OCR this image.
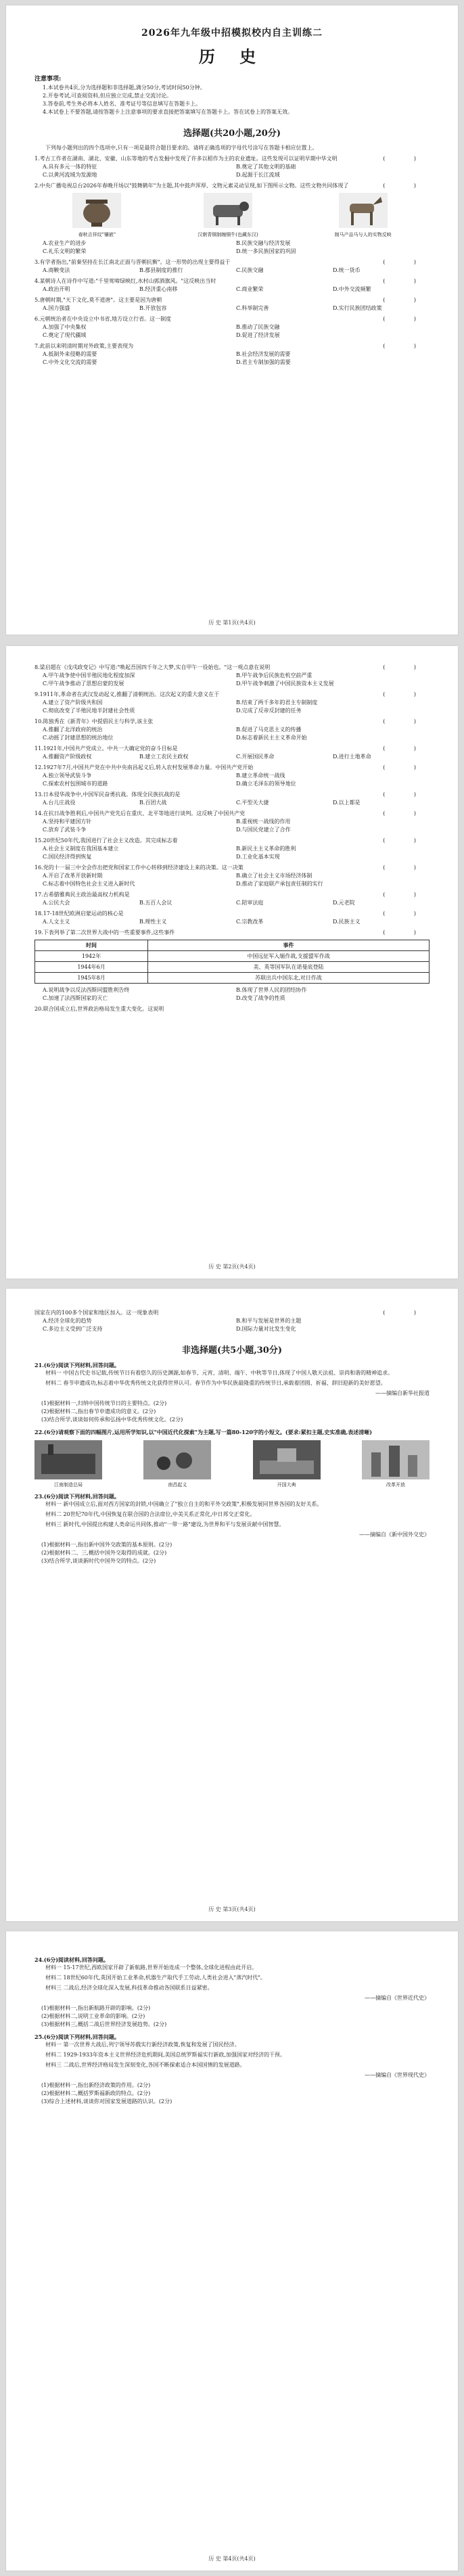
2026年九年级中招模拟校内自主训练二
历 史
注意事项:
1.本试卷共4页,分为选择题和非选择题,满分50分,考试时间50分钟。
2.开卷考试,可查阅资料,但应独立完成,禁止交流讨论。
3.答卷前,考生务必将本人姓名、准考证号等信息填写在答题卡上。
4.本试卷上不要答题,请按答题卡上注意事项的要求直接把答案填写在答题卡上。答在试卷上的答案无效。
选择题(共20小题,20分)
下列每小题列出的四个选项中,只有一项是最符合题目要求的。请将正确选项的字母代号涂写在答题卡相应位置上。
1.考古工作者在湖南、湖北、安徽、山东等地的考古发掘中发现了许多以稻作为主的农业遗址。这些发现可以证明早期中华文明	( )
A.具有多元一体的特征	B.奠定了其他文明的基础
C.以黄河流域为发源地	D.起源于长江流域
2.中央广播电视总台2026年春晚开场以"鼓舞鹤年"为主题,其中鼓声浑厚、文物元素灵动呈现,如下图所示文物。这些文物共同体现了	( )
春秋吉祥纹"镶嵌"	汉朝青铜制缠铜牛(也藏东汉)	制马产品马与人的实物反映
A.农业生产的进步	B.民族交融与经济发展
C.礼乐文明的繁荣	D.统一多民族国家的巩固
3.有学者指出,"前秦坚持在长江南北正面与晋朝抗衡"。这一形势的出现主要得益于	( )
A.商鞅变法	B.郡县制度的推行	C.民族交融	D.统一货币
4.某朝诗人在诗作中写道:"千里莺啼绿映红,水村山郭酒旗风。"这反映出当时	( )
A.政治开明	B.经济重心南移	C.商业繁荣	D.中外交流频繁
5.唐朝时期,"天下文化,莫不道唐"。这主要是因为唐朝	( )
A.国力强盛	B.开放包容	C.科举制完善	D.实行民族团结政策
6.元朝统治者在中央设立中书省,地方设立行省。这一制度	( )
A.加强了中央集权	B.推动了民族交融
C.奠定了现代疆域	D.促进了经济发展
7.此前以来明清时期对外政策,主要表现为	( )
A.抵制外来侵略的需要	B.社会经济发展的需要
C.中外文化交流的需要	D.君主专制加强的需要
历 史 第1页(共4页)
8.梁启超在《戊戌政变记》中写道:"唤起吾国四千年之大梦,实自甲午一役始也。"这一观点意在说明	( )
A.甲午战争使中国半殖民地化程度加深	B.甲午战争后民族危机空前严重
C.甲午战争推动了思想启蒙的发展	D.甲午战争刺激了中国民族资本主义发展
9.1911年,革命者在武汉发动起义,推翻了清朝统治。这次起义的重大意义在于	( )
A.建立了资产阶级共和国	B.结束了两千多年的君主专制制度
C.彻底改变了半殖民地半封建社会性质	D.完成了反帝反封建的任务
10.陈独秀在《新青年》中提倡民主与科学,该主张	( )
A.推翻了北洋政府的统治	B.促进了马克思主义的传播
C.动摇了封建思想的统治地位	D.标志着新民主主义革命开始
11.1921年,中国共产党成立。中共一大确定党的奋斗目标是	( )
A.推翻资产阶级政权	B.建立工农民主政权	C.开展国民革命	D.进行土地革命
12.1927年7月,中国共产党在中共中央南昌起义后,转入农村发展革命力量。中国共产党开始	( )
A.独立领导武装斗争	B.建立革命统一战线
C.探索农村包围城市的道路	D.确立毛泽东的领导地位
13.日本侵华战争中,中国军民奋勇抗战。体现全民族抗战的是	( )
A.台儿庄战役	B.百团大战	C.平型关大捷	D.以上都是
14.在抗日战争胜利后,中国共产党先后在重庆、北平等地进行谈判。这反映了中国共产党	( )
A.坚持和平建国方针	B.重视统一战线的作用
C.放弃了武装斗争	D.与国民党建立了合作
15.20世纪50年代,我国进行了社会主义改造。其完成标志着	( )
A.社会主义制度在我国基本建立	B.新民主主义革命的胜利
C.国民经济得到恢复	D.工业化基本实现
16.党的十一届三中全会作出把党和国家工作中心转移到经济建设上来的决策。这一决策	( )
A.开启了改革开放新时期	B.确立了社会主义市场经济体制
C.标志着中国特色社会主义进入新时代	D.推动了家庭联产承包责任制的实行
17.古希腊雅典民主政治最高权力机构是	( )
A.公民大会	B.五百人会议	C.陪审法庭	D.元老院
18.17-18世纪欧洲启蒙运动的核心是	( )
A.人文主义	B.理性主义	C.宗教改革	D.民族主义
19.下表列举了第二次世界大战中的一些重要事件,这些事件	( )
时间	事件
1942年	中国远征军入缅作战,支援盟军作战
1944年6月	美、英等国军队在诺曼底登陆
1945年8月	苏联出兵中国东北,对日作战
A.说明战争以反法西斯同盟胜利告终	B.体现了世界人民的团结协作
C.加速了法西斯国家的灭亡	D.改变了战争的性质
20.联合国成立后,世界政治格局发生重大变化。这说明
历 史 第2页(共4页)
国家在内的100多个国家和地区加入。这一现象表明	( )
A.经济全球化的趋势	B.和平与发展是世界的主题
C.多边主义受到广泛支持	D.国际力量对比发生变化
非选择题(共5小题,30分)
21.(6分)阅读下列材料,回答问题。
材料一 中国古代史书记载,传统节日有着悠久的历史渊源,如春节、元宵、清明、端午、中秋等节日,体现了中国人敬天法祖、崇尚和谐的精神追求。
材料二 春节申遗成功,标志着中华优秀传统文化获得世界认可。春节作为中华民族最隆重的传统节日,承载着团圆、祈福、辞旧迎新的美好愿望。
——摘编自新华社报道
(1)根据材料一,归纳中国传统节日的主要特点。(2分)
(2)根据材料二,指出春节申遗成功的意义。(2分)
(3)结合所学,谈谈如何传承和弘扬中华优秀传统文化。(2分)
22.(6分)请观察下面的四幅图片,运用所学知识,以"中国近代化探索"为主题,写一篇80-120字的小短文。(要求:紧扣主题,史实准确,表述清晰)
江南制造总局	南昌起义	开国大典	改革开放
23.(6分)阅读下列材料,回答问题。
材料一 新中国成立后,面对西方国家的封锁,中国确立了"独立自主的和平外交政策",积极发展同世界各国的友好关系。
材料二 20世纪70年代,中国恢复在联合国的合法席位,中美关系正常化,中日邦交正常化。
材料三 新时代,中国提出构建人类命运共同体,推动"一带一路"建设,为世界和平与发展贡献中国智慧。
——摘编自《新中国外交史》
(1)根据材料一,指出新中国外交政策的基本原则。(2分)
(2)根据材料二、三,概括中国外交取得的成就。(2分)
(3)结合所学,谈谈新时代中国外交的特点。(2分)
历 史 第3页(共4页)
24.(6分)阅读材料,回答问题。
材料一 15-17世纪,西欧国家开辟了新航路,世界开始连成一个整体,全球化进程由此开启。
材料二 18世纪60年代,英国开始工业革命,机器生产取代手工劳动,人类社会进入"蒸汽时代"。
材料三 二战后,经济全球化深入发展,科技革命推动各国联系日益紧密。
——摘编自《世界近代史》
(1)根据材料一,指出新航路开辟的影响。(2分)
(2)根据材料二,说明工业革命的影响。(2分)
(3)根据材料三,概括二战后世界经济发展趋势。(2分)
25.(6分)阅读下列材料,回答问题。
材料一 第一次世界大战后,列宁领导苏俄实行新经济政策,恢复和发展了国民经济。
材料二 1929-1933年资本主义世界经济危机期间,美国总统罗斯福实行新政,加强国家对经济的干预。
材料三 二战后,世界经济格局发生深刻变化,各国不断探索适合本国国情的发展道路。
——摘编自《世界现代史》
(1)根据材料一,指出新经济政策的作用。(2分)
(2)根据材料二,概括罗斯福新政的特点。(2分)
(3)综合上述材料,谈谈你对国家发展道路的认识。(2分)
历 史 第4页(共4页)
